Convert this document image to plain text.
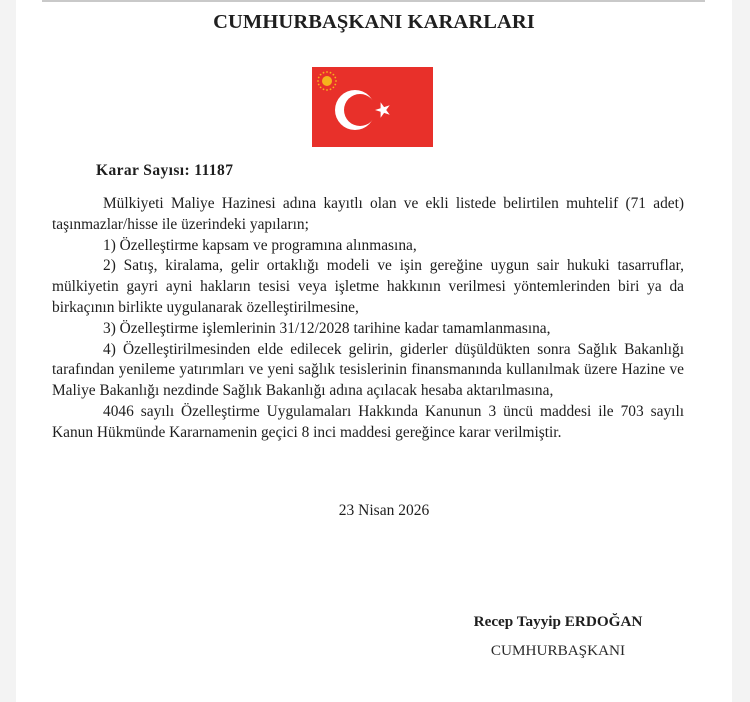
CUMHURBAŞKANI KARARLARI
Karar Sayısı: 11187

Mülkiyeti Maliye Hazinesi adına kayıtlı olan ve ekli listede belirtilen muhtelif (71 adet) taşınmazlar/hisse ile üzerindeki yapıların;

1) Özelleştirme kapsam ve programına alınmasına,

2) Satış, kiralama, gelir ortaklığı modeli ve işin gereğine uygun sair hukuki tasarruflar, mülkiyetin gayri ayni hakların tesisi veya işletme hakkının verilmesi yöntemlerinden biri ya da birkaçının birlikte uygulanarak özelleştirilmesine,

3) Özelleştirme işlemlerinin 31/12/2028 tarihine kadar tamamlanmasına,

4) Özelleştirilmesinden elde edilecek gelirin, giderler düşüldükten sonra Sağlık Bakanlığı tarafından yenileme yatırımları ve yeni sağlık tesislerinin finansmanında kullanılmak üzere Hazine ve Maliye Bakanlığı nezdinde Sağlık Bakanlığı adına açılacak hesaba aktarılmasına,

4046 sayılı Özelleştirme Uygulamaları Hakkında Kanunun 3 üncü maddesi ile 703 sayılı Kanun Hükmünde Kararnamenin geçici 8 inci maddesi gereğince karar verilmiştir.

23 Nisan 2026
Recep Tayyip ERDOĞAN
CUMHURBAŞKANI
